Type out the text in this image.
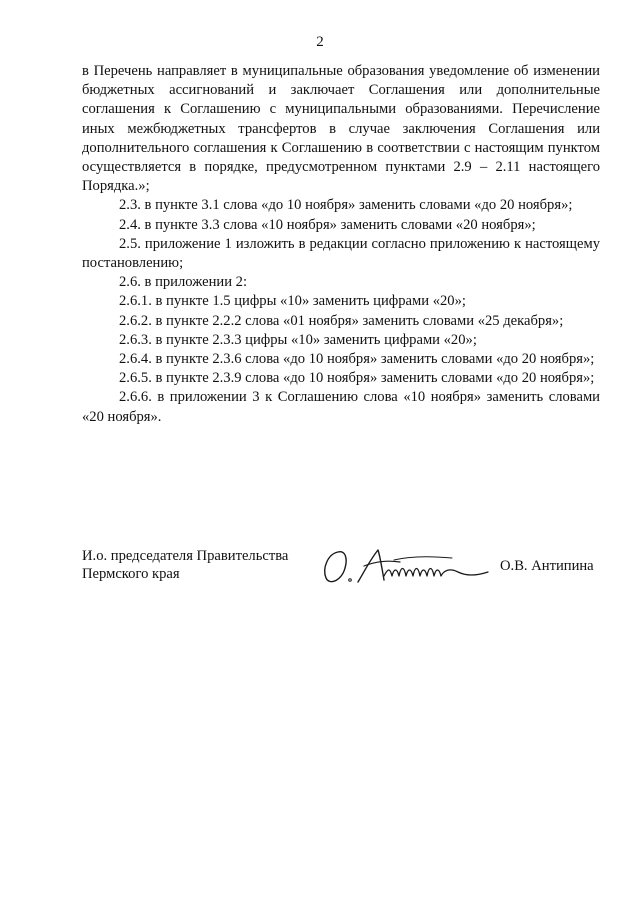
2

в Перечень направляет в муниципальные образования уведомление об изменении бюджетных ассигнований и заключает Соглашения или дополнительные соглашения к Соглашению с муниципальными образованиями. Перечисление иных межбюджетных трансфертов в случае заключения Соглашения или дополнительного соглашения к Соглашению в соответствии с настоящим пунктом осуществляется в порядке, предусмотренном пунктами 2.9 – 2.11 настоящего Порядка.»;

2.3. в пункте 3.1 слова «до 10 ноября» заменить словами «до 20 ноября»;

2.4. в пункте 3.3 слова «10 ноября» заменить словами «20 ноября»;

2.5. приложение 1 изложить в редакции согласно приложению к настоящему постановлению;

2.6. в приложении 2:

2.6.1. в пункте 1.5 цифры «10» заменить цифрами «20»;

2.6.2. в пункте 2.2.2 слова «01 ноября» заменить словами «25 декабря»;

2.6.3. в пункте 2.3.3 цифры «10» заменить цифрами «20»;

2.6.4. в пункте 2.3.6 слова «до 10 ноября» заменить словами «до 20 ноября»;

2.6.5. в пункте 2.3.9 слова «до 10 ноября» заменить словами «до 20 ноября»;

2.6.6. в приложении 3 к Соглашению слова «10 ноября» заменить словами «20 ноября».

И.о. председателя Правительства
Пермского края	О.В. Антипина
